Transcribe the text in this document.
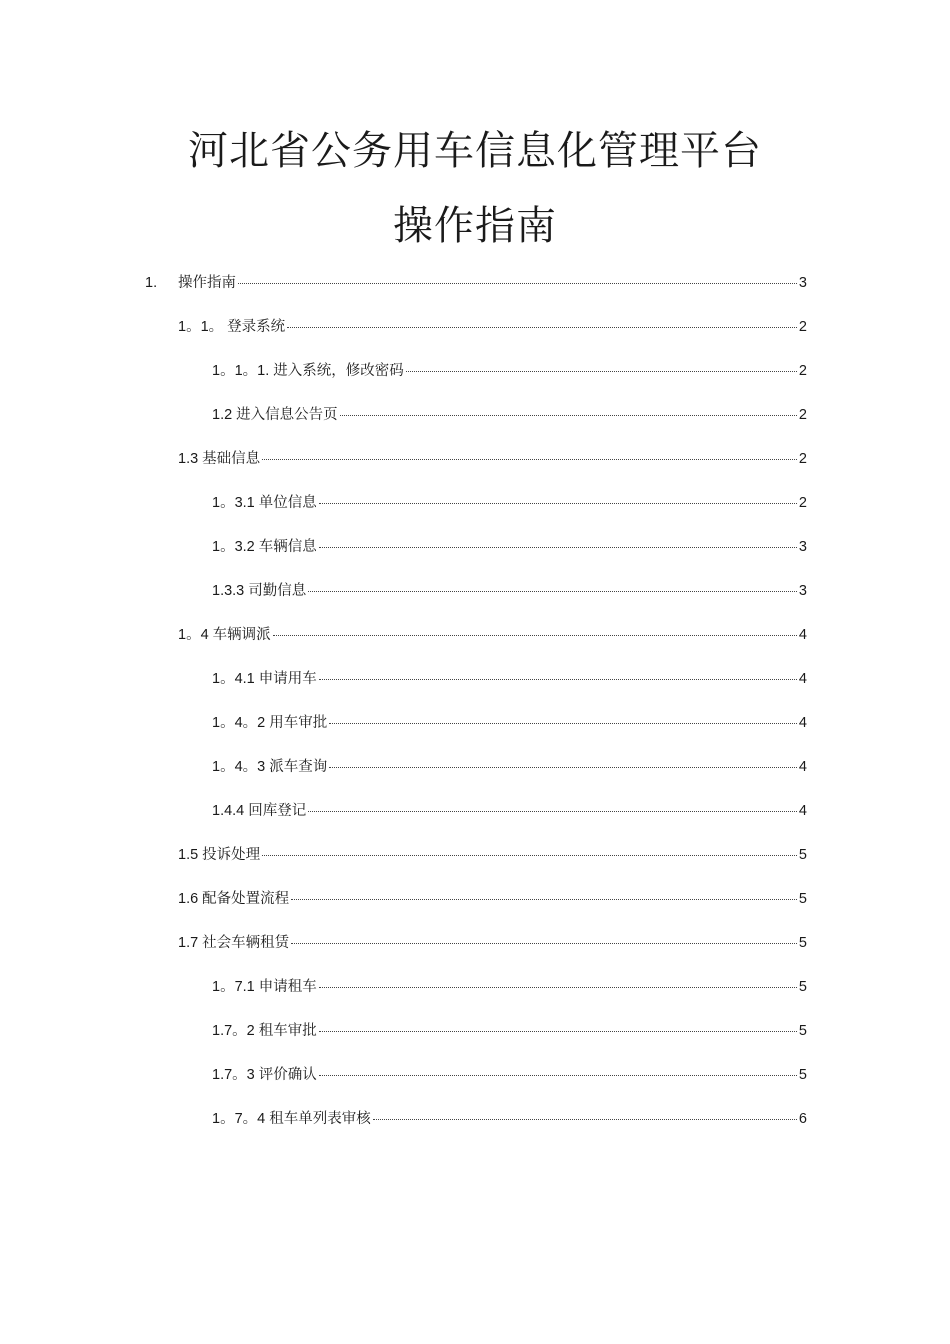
河北省公务用车信息化管理平台
操作指南
1.	操作指南	3
1。1。 登录系统	2
1。1。1. 进入系统，修改密码	2
1.2 进入信息公告页	2
1.3 基础信息	2
1。3.1 单位信息	2
1。3.2 车辆信息	3
1.3.3 司勤信息	3
1。4 车辆调派	4
1。4.1 申请用车	4
1。4。2 用车审批	4
1。4。3 派车查询	4
1.4.4 回库登记	4
1.5 投诉处理	5
1.6 配备处置流程	5
1.7 社会车辆租赁	5
1。7.1 申请租车	5
1.7。2 租车审批	5
1.7。3 评价确认	5
1。7。4 租车单列表审核	6
